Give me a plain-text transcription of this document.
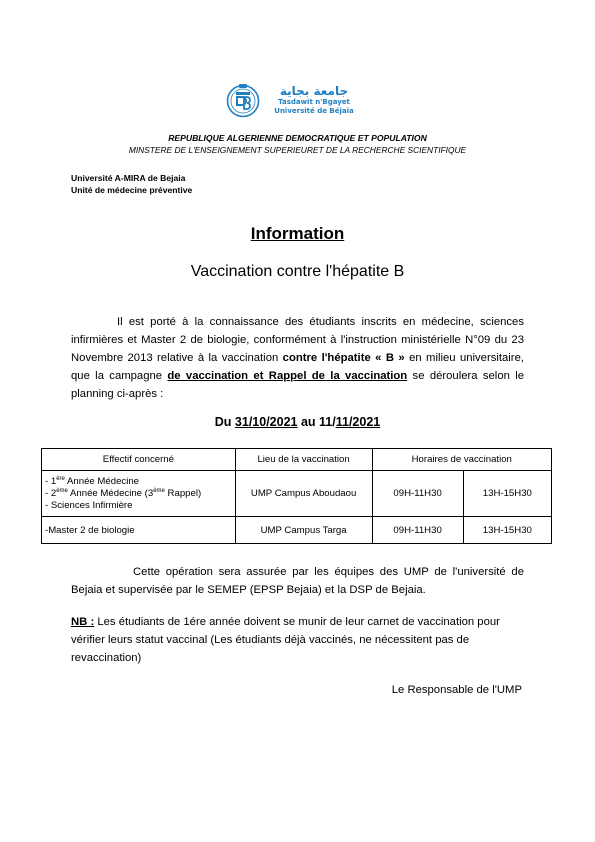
جامعة بجاية
Tasdawit n'Bgayet
Université de Béjaïa
REPUBLIQUE ALGERIENNE DEMOCRATIQUE ET POPULATION
MINSTERE DE L'ENSEIGNEMENT SUPERIEURET DE LA RECHERCHE SCIENTIFIQUE
Université A-MIRA de Bejaia
Unité de médecine préventive
Information
Vaccination contre l'hépatite B
Il est porté à la connaissance des étudiants inscrits en médecine, sciences infirmières et Master 2 de biologie, conformément à l'instruction ministérielle N°09 du 23 Novembre 2013 relative à la vaccination contre l'hépatite « B » en milieu universitaire, que la campagne de vaccination et Rappel de la vaccination se déroulera selon le planning ci-après :
Du 31/10/2021 au 11/11/2021
Effectif concerné	Lieu de la vaccination	Horaires de vaccination	

- 1ère Année Médecine
- 2ème Année Médecine (3ème Rappel)
- Sciences Infirmière	UMP Campus Aboudaou	09H-11H30	13H-15H30
-Master 2 de biologie	UMP Campus Targa	09H-11H30	13H-15H30
Cette opération sera assurée par les équipes des UMP de l'université de Bejaia et supervisée par le SEMEP (EPSP Bejaia) et la DSP de Bejaia.
NB : Les étudiants de 1ére année doivent se munir de leur carnet de vaccination pour vérifier leurs statut vaccinal (Les étudiants déjà vaccinés, ne nécessitent pas de revaccination)
Le Responsable de l'UMP
